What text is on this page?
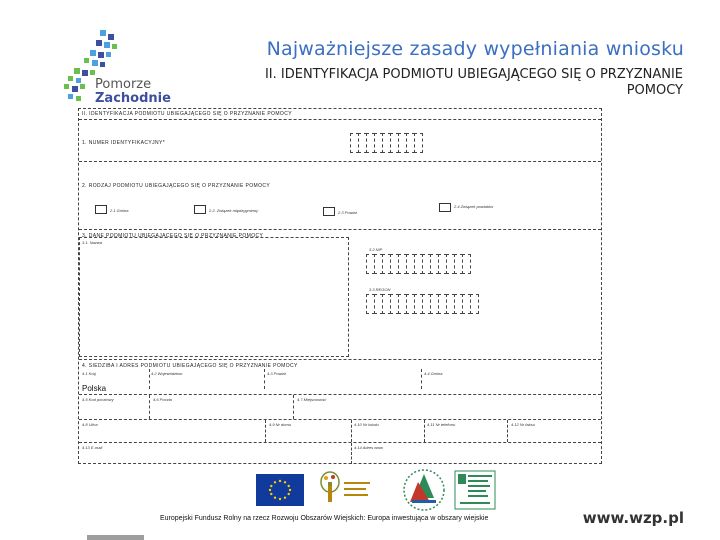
Pomorze
Zachodnie
Najważniejsze zasady wypełniania wniosku
II. IDENTYFIKACJA PODMIOTU UBIEGAJĄCEGO SIĘ O PRZYZNANIE POMOCY
II. IDENTYFIKACJA PODMIOTU UBIEGAJĄCEGO SIĘ O PRZYZNANIE POMOCY
1. NUMER IDENTYFIKACYJNY*
2. RODZAJ PODMIOTU UBIEGAJĄCEGO SIĘ O PRZYZNANIE POMOCY
2.1 Gmina	2.2. Związek międzygminny	2.3 Powiat
2.4 Związek powiatów
3. DANE PODMIOTU UBIEGAJĄCEGO SIĘ O PRZYZNANIE POMOCY
3.1. Nazwa
3.2 NIP
3.3 REGON
4. SIEDZIBA I ADRES PODMIOTU UBIEGAJĄCEGO SIĘ O PRZYZNANIE POMOCY
4.1 Kraj	4.2 Województwo	4.3 Powiat	4.4 Gmina
Polska
4.5 Kod pocztowy	4.6 Poczta	4.7 Miejscowość
4.8 Ulica	4.9 Nr domu	4.10 Nr lokalu	4.11 Nr telefonu	4.12 Nr faksu
4.13 E-mail	4.14 Adres www
Europejski Fundusz Rolny na rzecz Rozwoju Obszarów Wiejskich: Europa inwestująca w obszary wiejskie	www.wzp.pl
